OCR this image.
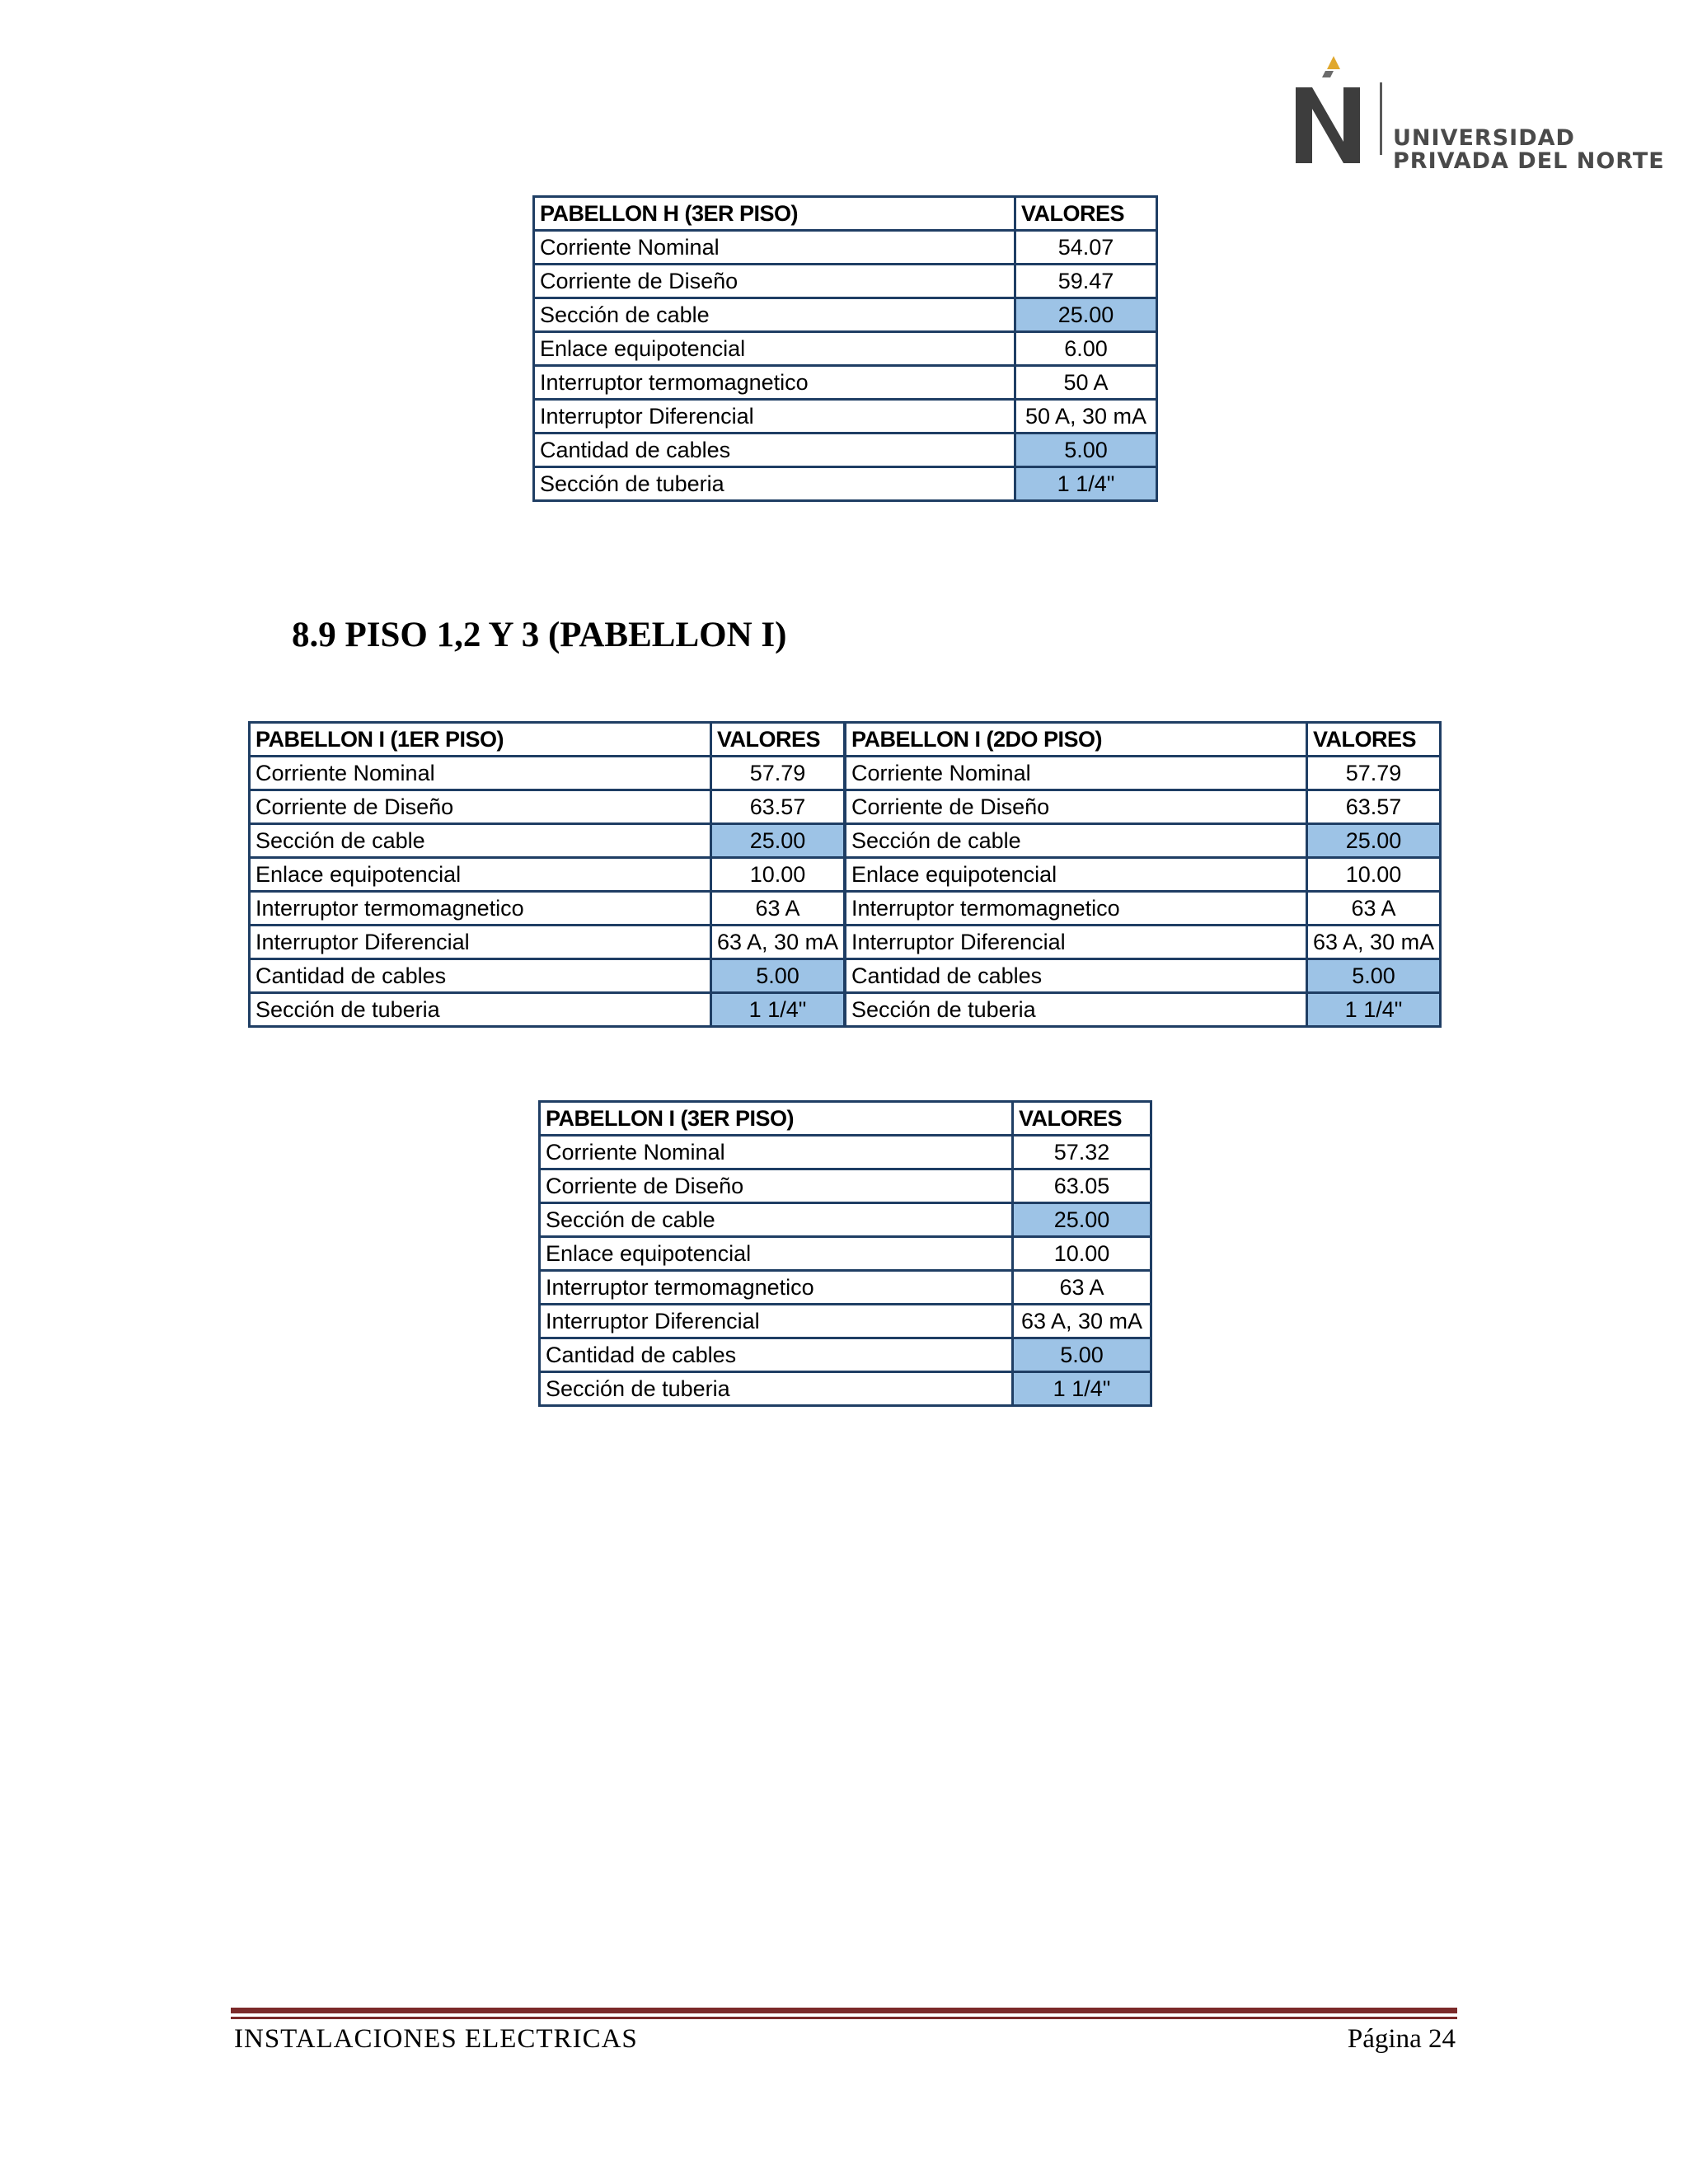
UNIVERSIDAD
PRIVADA DEL NORTE
PABELLON H (3ER PISO)	VALORES
Corriente Nominal	54.07
Corriente de Diseño	59.47
Sección de cable	25.00
Enlace equipotencial	6.00
Interruptor termomagnetico	50 A
Interruptor Diferencial	50 A, 30 mA
Cantidad de cables	5.00
Sección de tuberia	1 1/4"
8.9 PISO 1,2 Y 3 (PABELLON I)
PABELLON I (1ER PISO)	VALORES
Corriente Nominal	57.79
Corriente de Diseño	63.57
Sección de cable	25.00
Enlace equipotencial	10.00
Interruptor termomagnetico	63 A
Interruptor Diferencial	63 A, 30 mA
Cantidad de cables	5.00
Sección de tuberia	1 1/4"
PABELLON I (2DO PISO)	VALORES
Corriente Nominal	57.79
Corriente de Diseño	63.57
Sección de cable	25.00
Enlace equipotencial	10.00
Interruptor termomagnetico	63 A
Interruptor Diferencial	63 A, 30 mA
Cantidad de cables	5.00
Sección de tuberia	1 1/4"
PABELLON I (3ER PISO)	VALORES
Corriente Nominal	57.32
Corriente de Diseño	63.05
Sección de cable	25.00
Enlace equipotencial	10.00
Interruptor termomagnetico	63 A
Interruptor Diferencial	63 A, 30 mA
Cantidad de cables	5.00
Sección de tuberia	1 1/4"
INSTALACIONES ELECTRICAS	Página 24
